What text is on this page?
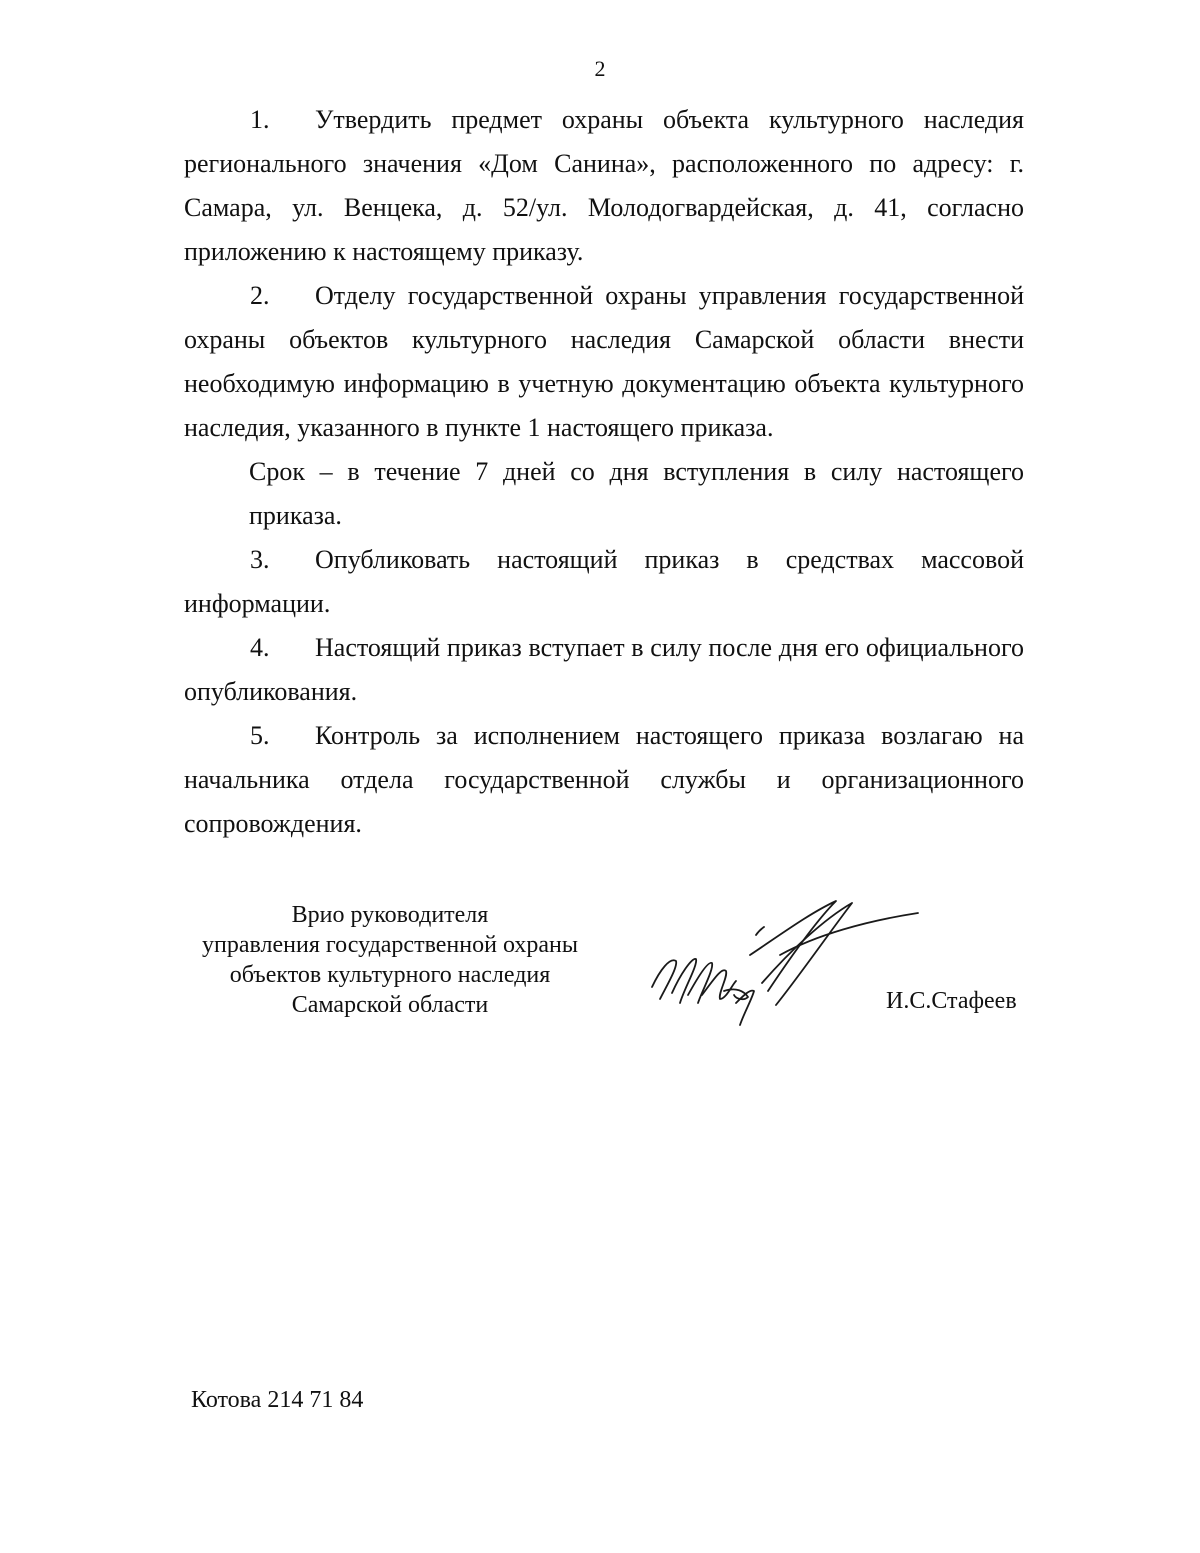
2

1. Утвердить предмет охраны объекта культурного наследия регионального значения «Дом Санина», расположенного по адресу: г. Самара, ул. Венцека, д. 52/ул. Молодогвардейская, д. 41, согласно приложению к настоящему приказу.

2. Отделу государственной охраны управления государственной охраны объектов культурного наследия Самарской области внести необходимую информацию в учетную документацию объекта культурного наследия, указанного в пункте 1 настоящего приказа.

Срок – в течение 7 дней со дня вступления в силу настоящего приказа.

3. Опубликовать настоящий приказ в средствах массовой информации.

4. Настоящий приказ вступает в силу после дня его официального опубликования.

5. Контроль за исполнением настоящего приказа возлагаю на начальника отдела государственной службы и организационного сопровождения.

Врио руководителя
управления государственной охраны
объектов культурного наследия
Самарской области	И.С.Стафеев
Котова 214 71 84
